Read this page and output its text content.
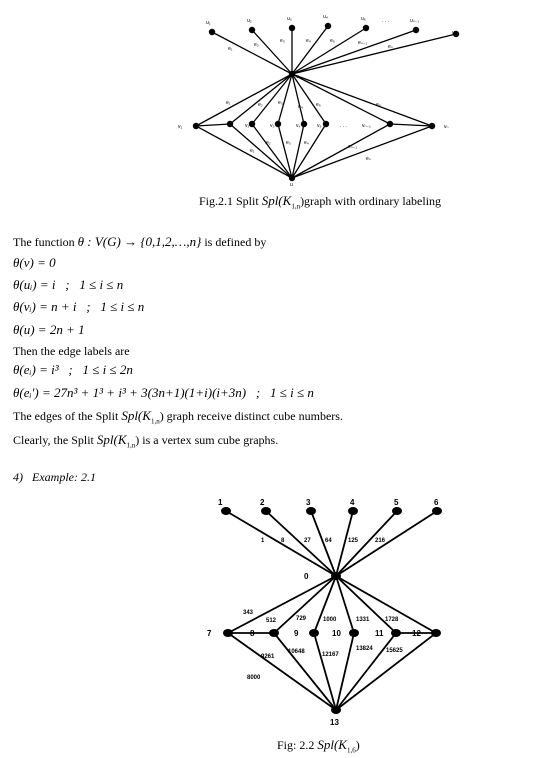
u₁	u₂	u₃	u₄	u₅	. . .	uₙ₋₁
uₙ
v
v₁	v₂	v₃	v₄	v₅	. . .	vₙ₋₁	vₙ
u
e₁
e₂
e₃	e₄	e₅	eₙ₋₁
eₙ
e₁	e₂	e₃
e₄	e₅	eₙ
e₁
e₂	e₃	e₄
eₙ₋₁
eₙ
Fig.2.1 Split $Spl(K_{1,n})graph$ with ordinary labeling
The function θ : V(G) → {0,1,2,…,n} is defined by
θ(v) = 0
θ(uᵢ) = i   ;   1 ≤ i ≤ n
θ(vᵢ) = n + i   ;   1 ≤ i ≤ n
θ(u) = 2n + 1
Then the edge labels are
θ(eᵢ) = i³   ;   1 ≤ i ≤ 2n
θ(eᵢ′) = 27n³ + 1³ + i³ + 3(3n+1)(1+i)(i+3n)   ;   1 ≤ i ≤ n
The edges of the Split $Spl(K_{1,n})$ graph receive distinct cube numbers.
Clearly, the Split $Spl(K_{1,n})$ is a vertex sum cube graphs.
4)   Example: 2.1
1	2	3	4	5	6
0
7	8	9	10	11	12
13
1	8	27 64	125	216
343
512	729	1000	1331	1728
8000
9261
10648	12167
13824 15625
Fig: 2.2 $Spl(K_{1,6})$
